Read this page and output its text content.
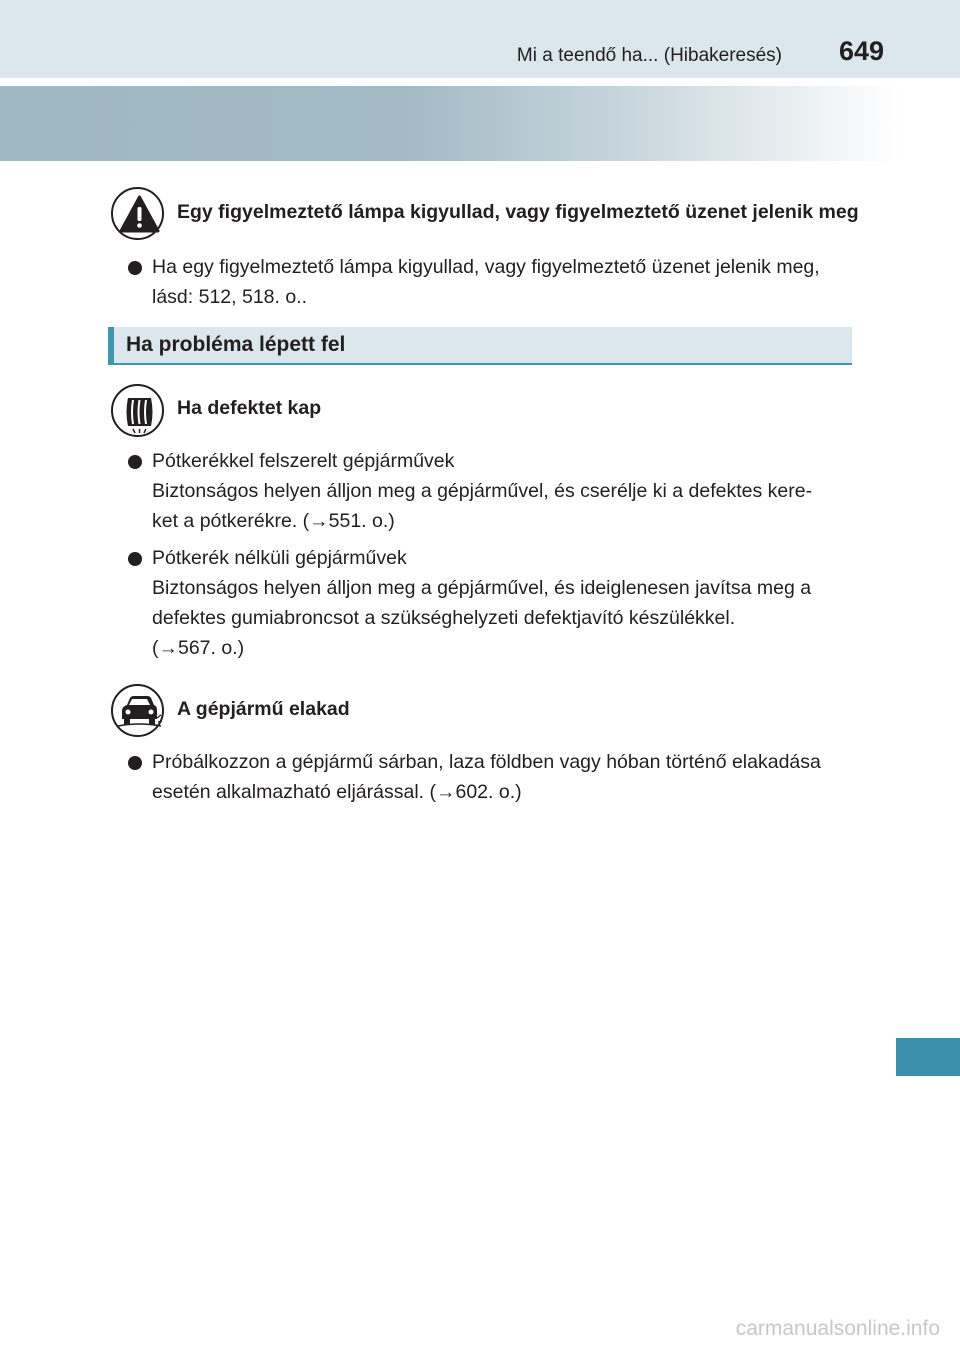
Mi a teendő ha... (Hibakeresés) 649
Egy figyelmeztető lámpa kigyullad, vagy figyelmeztető üzenet jelenik meg
Ha egy figyelmeztető lámpa kigyullad, vagy figyelmeztető üzenet jelenik meg,
lásd: 512, 518. o..
Ha probléma lépett fel
Ha defektet kap
Pótkerékkel felszerelt gépjárművek
Biztonságos helyen álljon meg a gépjárművel, és cserélje ki a defektes kere-
ket a pótkerékre. (→551. o.)
Pótkerék nélküli gépjárművek
Biztonságos helyen álljon meg a gépjárművel, és ideiglenesen javítsa meg a
defektes gumiabroncsot a szükséghelyzeti defektjavító készülékkel.
(→567. o.)
A gépjármű elakad
Próbálkozzon a gépjármű sárban, laza földben vagy hóban történő elakadása
esetén alkalmazható eljárással. (→602. o.)
carmanualsonline.info
